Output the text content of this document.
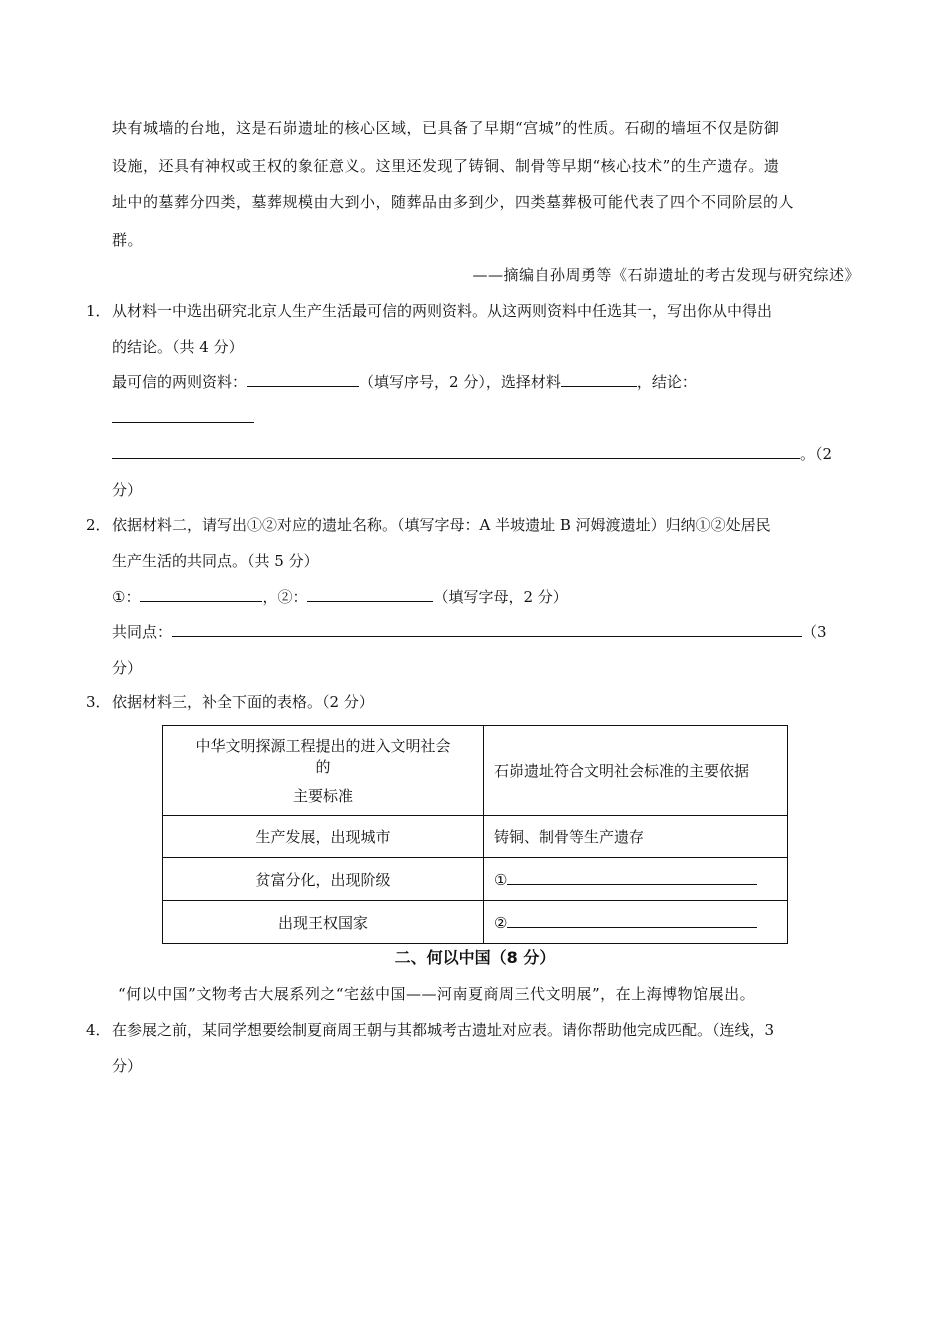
块有城墙的台地，这是石峁遗址的核心区域，已具备了早期“宫城”的性质。石砌的墙垣不仅是防御
设施，还具有神权或王权的象征意义。这里还发现了铸铜、制骨等早期“核心技术”的生产遗存。遗
址中的墓葬分四类，墓葬规模由大到小，随葬品由多到少，四类墓葬极可能代表了四个不同阶层的人
群。
——摘编自孙周勇等《石峁遗址的考古发现与研究综述》
1． 从材料一中选出研究北京人生产生活最可信的两则资料。从这两则资料中任选其一，写出你从中得出
的结论。（共 4 分）
最可信的两则资料：	（填写序号，2 分），选择材料	，结论：
。（2
分）
2． 依据材料二，请写出①②对应的遗址名称。（填写字母：A 半坡遗址 B 河姆渡遗址）归纳①②处居民
生产生活的共同点。（共 5 分）
①：	，②：	（填写字母，2 分）
共同点：	（3
分）
3． 依据材料三，补全下面的表格。（2 分）
中华文明探源工程提出的进入文明社会
的
主要标准	石峁遗址符合文明社会标准的主要依据
生产发展，出现城市	铸铜、制骨等生产遗存
贫富分化，出现阶级	①
出现王权国家	②
二、何以中国（8 分）
“何以中国”文物考古大展系列之“宅兹中国——河南夏商周三代文明展”，在上海博物馆展出。
4． 在参展之前，某同学想要绘制夏商周王朝与其都城考古遗址对应表。请你帮助他完成匹配。（连线，3
分）
